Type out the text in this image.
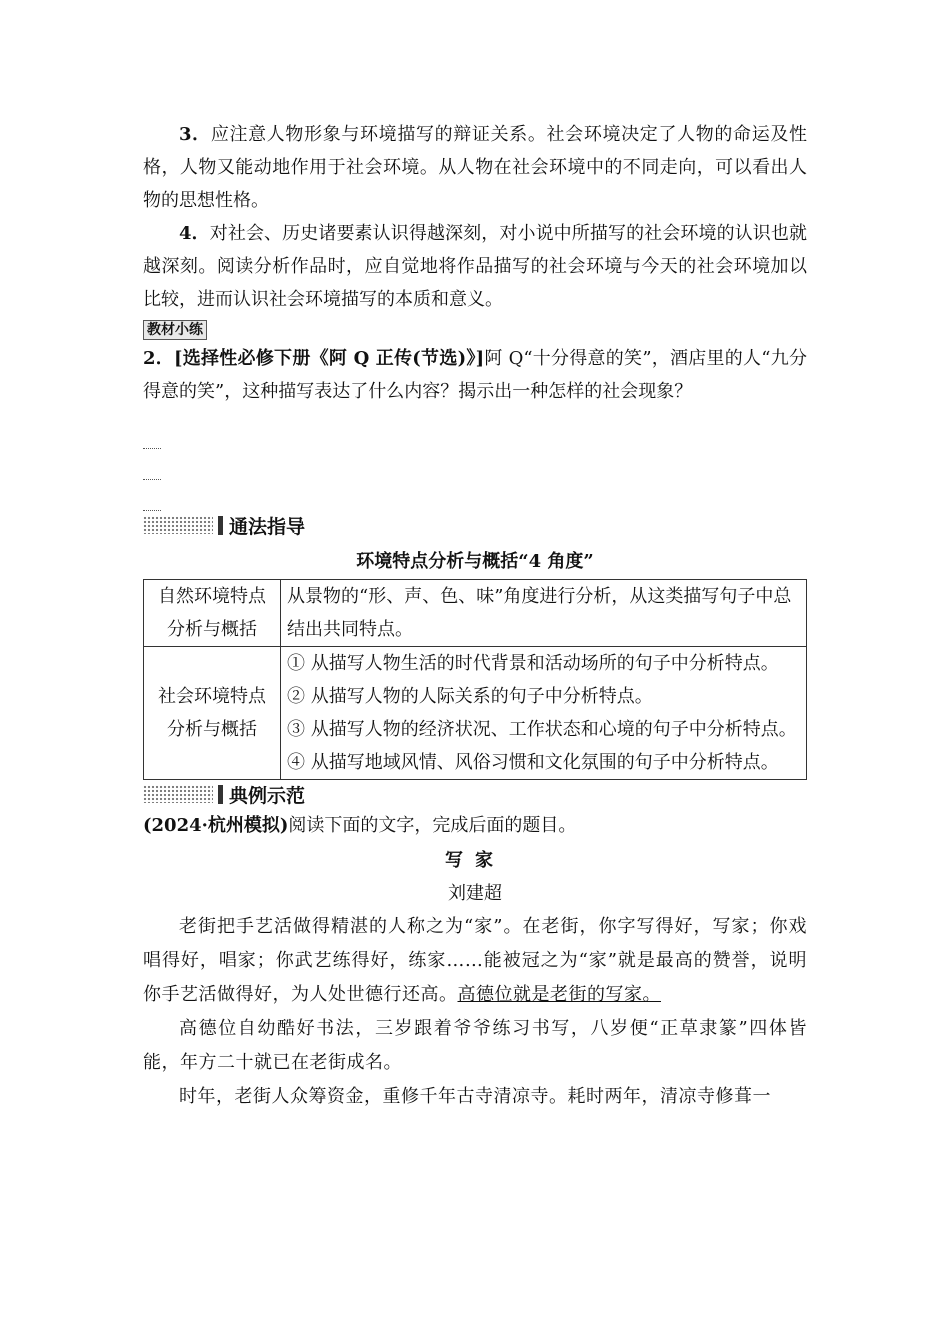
3．应注意人物形象与环境描写的辩证关系。社会环境决定了人物的命运及性格，人物又能动地作用于社会环境。从人物在社会环境中的不同走向，可以看出人物的思想性格。

4．对社会、历史诸要素认识得越深刻，对小说中所描写的社会环境的认识也就越深刻。阅读分析作品时，应自觉地将作品描写的社会环境与今天的社会环境加以比较，进而认识社会环境描写的本质和意义。

教材小练

2．[选择性必修下册《阿 Q 正传(节选)》]阿 Q“十分得意的笑”，酒店里的人“九分得意的笑”，这种描写表达了什么内容？揭示出一种怎样的社会现象？

通法指导

环境特点分析与概括“4 角度”

自然环境特点分析与概括	从景物的“形、声、色、味”角度进行分析，从这类描写句子中总结出共同特点。

社会环境特点分析与概括	① 从描写人物生活的时代背景和活动场所的句子中分析特点。
② 从描写人物的人际关系的句子中分析特点。
③ 从描写人物的经济状况、工作状态和心境的句子中分析特点。
④ 从描写地域风情、风俗习惯和文化氛围的句子中分析特点。
典例示范

(2024·杭州模拟)阅读下面的文字，完成后面的题目。

写家

刘建超

老街把手艺活做得精湛的人称之为“家”。在老街，你字写得好，写家；你戏唱得好，唱家；你武艺练得好，练家……能被冠之为“家”就是最高的赞誉，说明你手艺活做得好，为人处世德行还高。高德位就是老街的写家。

高德位自幼酷好书法，三岁跟着爷爷练习书写，八岁便“正草隶篆”四体皆能，年方二十就已在老街成名。

时年，老街人众筹资金，重修千年古寺清凉寺。耗时两年，清凉寺修葺一
